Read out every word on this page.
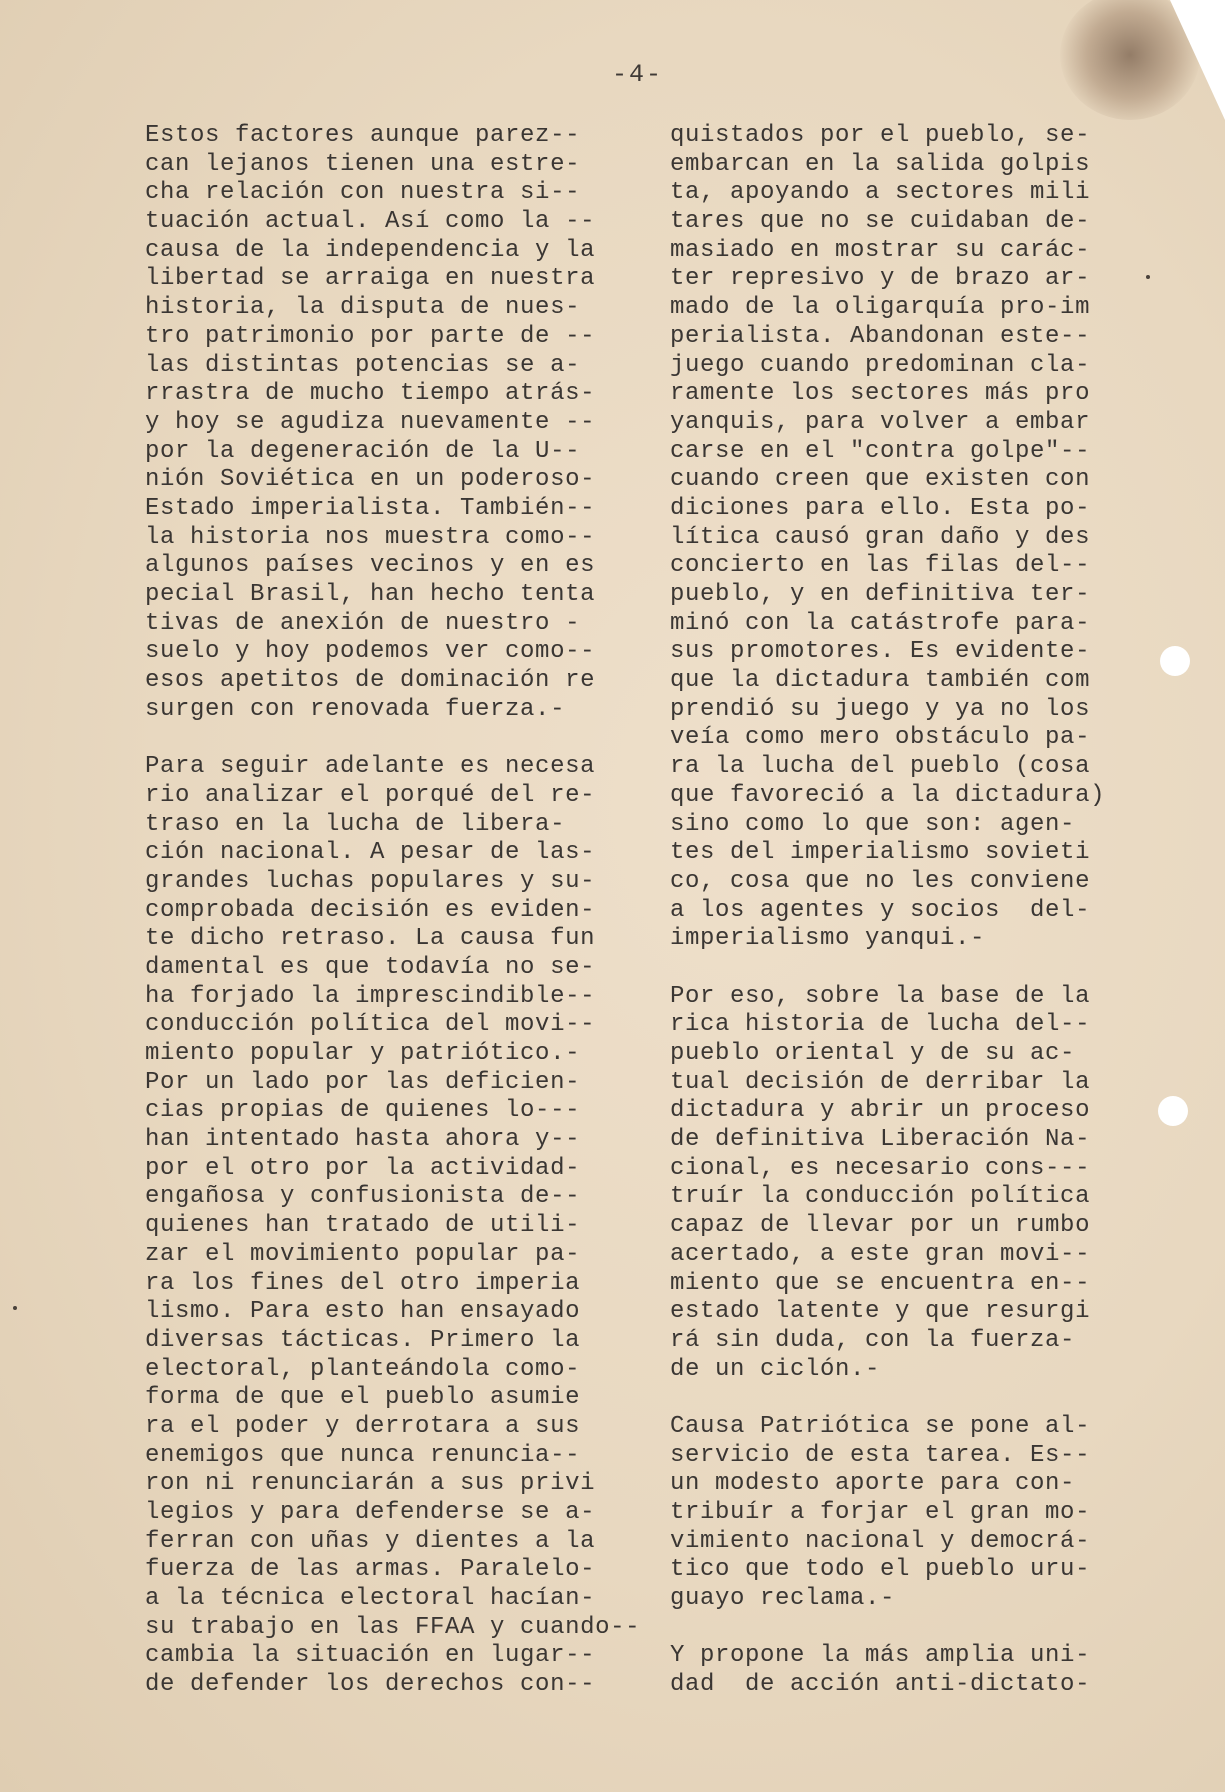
-4-
Estos factores aunque parez--
can lejanos tienen una estre-
cha relación con nuestra si--
tuación actual. Así como la --
causa de la independencia y la
libertad se arraiga en nuestra
historia, la disputa de nues-
tro patrimonio por parte de --
las distintas potencias se a-
rrastra de mucho tiempo atrás-
y hoy se agudiza nuevamente --
por la degeneración de la U--
nión Soviética en un poderoso-
Estado imperialista. También--
la historia nos muestra como--
algunos países vecinos y en es
pecial Brasil, han hecho tenta
tivas de anexión de nuestro -
suelo y hoy podemos ver como--
esos apetitos de dominación re
surgen con renovada fuerza.-
Para seguir adelante es necesa
rio analizar el porqué del re-
traso en la lucha de libera-
ción nacional. A pesar de las-
grandes luchas populares y su-
comprobada decisión es eviden-
te dicho retraso. La causa fun
damental es que todavía no se-
ha forjado la imprescindible--
conducción política del movi--
miento popular y patriótico.-
Por un lado por las deficien-
cias propias de quienes lo---
han intentado hasta ahora y--
por el otro por la actividad-
engañosa y confusionista de--
quienes han tratado de utili-
zar el movimiento popular pa-
ra los fines del otro imperia
lismo. Para esto han ensayado
diversas tácticas. Primero la
electoral, planteándola como-
forma de que el pueblo asumie
ra el poder y derrotara a sus
enemigos que nunca renuncia--
ron ni renunciarán a sus privi
legios y para defenderse se a-
ferran con uñas y dientes a la
fuerza de las armas. Paralelo-
a la técnica electoral hacían-
su trabajo en las FFAA y cuando--
cambia la situación en lugar--
de defender los derechos con--
quistados por el pueblo, se-
embarcan en la salida golpis
ta, apoyando a sectores mili
tares que no se cuidaban de-
masiado en mostrar su carác-
ter represivo y de brazo ar-
mado de la oligarquía pro-im
perialista. Abandonan este--
juego cuando predominan cla-
ramente los sectores más pro
yanquis, para volver a embar
carse en el "contra golpe"--
cuando creen que existen con
diciones para ello. Esta po-
lítica causó gran daño y des
concierto en las filas del--
pueblo, y en definitiva ter-
minó con la catástrofe para-
sus promotores. Es evidente-
que la dictadura también com
prendió su juego y ya no los
veía como mero obstáculo pa-
ra la lucha del pueblo (cosa
que favoreció a la dictadura)
sino como lo que son: agen-
tes del imperialismo sovieti
co, cosa que no les conviene
a los agentes y socios  del-
imperialismo yanqui.-
Por eso, sobre la base de la
rica historia de lucha del--
pueblo oriental y de su ac-
tual decisión de derribar la
dictadura y abrir un proceso
de definitiva Liberación Na-
cional, es necesario cons---
truír la conducción política
capaz de llevar por un rumbo
acertado, a este gran movi--
miento que se encuentra en--
estado latente y que resurgi
rá sin duda, con la fuerza-
de un ciclón.-
Causa Patriótica se pone al-
servicio de esta tarea. Es--
un modesto aporte para con-
tribuír a forjar el gran mo-
vimiento nacional y democrá-
tico que todo el pueblo uru-
guayo reclama.-
Y propone la más amplia uni-
dad  de acción anti-dictato-
